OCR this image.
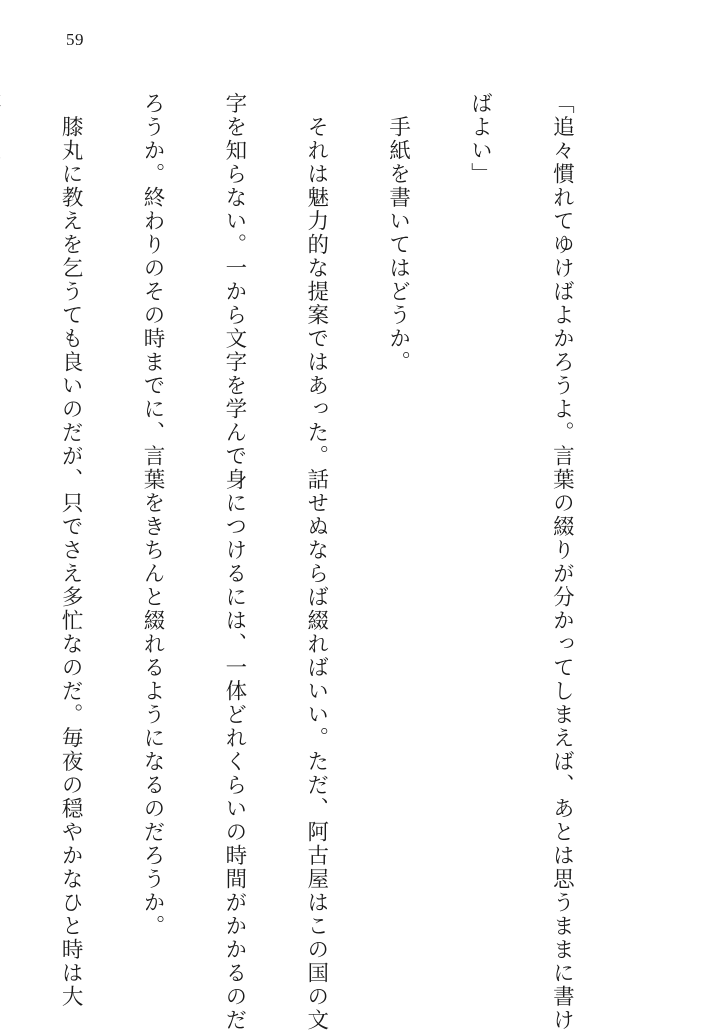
59

「追々慣れてゆけばよかろうよ。言葉の綴りが分かってしまえば、あとは思うままに書け

ばよい」

　手紙を書いてはどうか。

　それは魅力的な提案ではあった。話せぬならば綴ればいい。ただ、阿古屋はこの国の文

字を知らない。一から文字を学んで身につけるには、一体どれくらいの時間がかかるのだ

ろうか。終わりのその時までに、言葉をきちんと綴れるようになるのだろうか。

　膝丸に教えを乞うても良いのだが、只でさえ多忙なのだ。毎夜の穏やかなひと時は大
